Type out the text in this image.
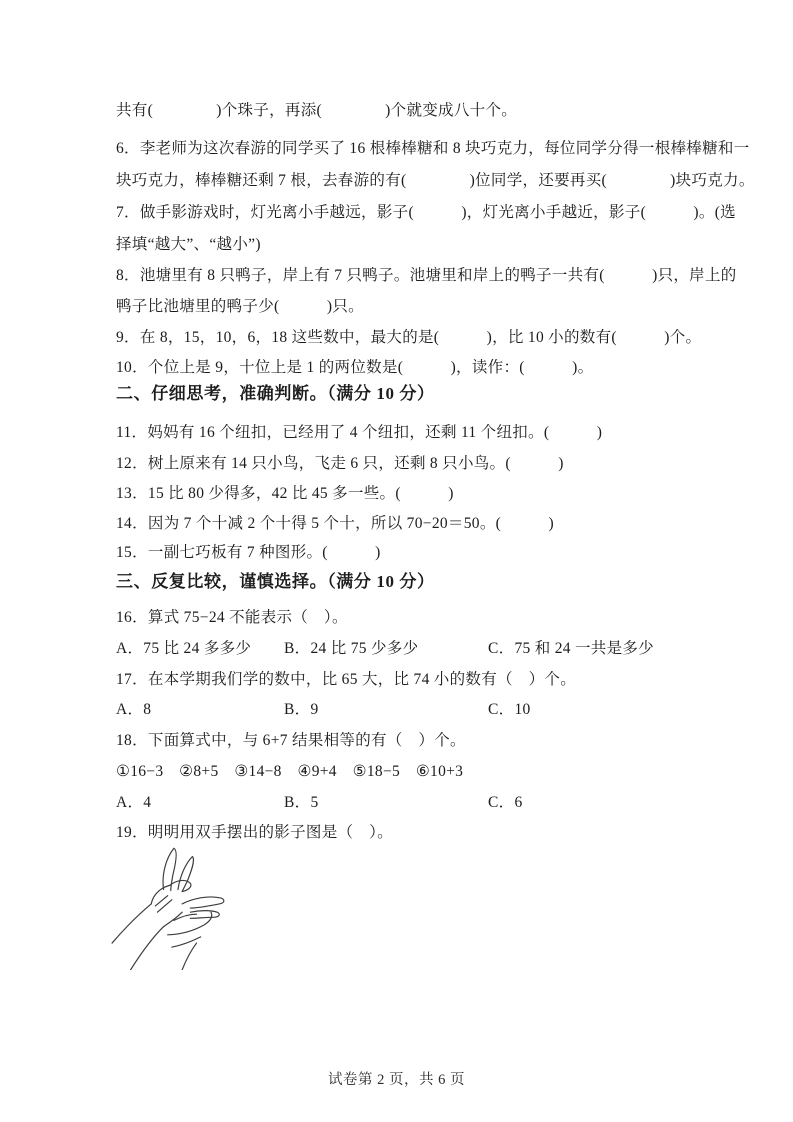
共有(　　　　)个珠子，再添(　　　　)个就变成八十个。

6．李老师为这次春游的同学买了 16 根棒棒糖和 8 块巧克力，每位同学分得一根棒棒糖和一

块巧克力，棒棒糖还剩 7 根，去春游的有(　　　　)位同学，还要再买(　　　　)块巧克力。

7．做手影游戏时，灯光离小手越远，影子(　　　)，灯光离小手越近，影子(　　　)。(选

择填“越大”、“越小”)

8．池塘里有 8 只鸭子，岸上有 7 只鸭子。池塘里和岸上的鸭子一共有(　　　)只，岸上的

鸭子比池塘里的鸭子少(　　　)只。

9．在 8，15，10，6，18 这些数中，最大的是(　　　)，比 10 小的数有(　　　)个。

10．个位上是 9，十位上是 1 的两位数是(　　　)，读作：(　　　)。

二、仔细思考，准确判断。（满分 10 分）

11．妈妈有 16 个纽扣，已经用了 4 个纽扣，还剩 11 个纽扣。(　　　)

12．树上原来有 14 只小鸟，飞走 6 只，还剩 8 只小鸟。(　　　)

13．15 比 80 少得多，42 比 45 多一些。(　　　)

14．因为 7 个十减 2 个十得 5 个十，所以 70−20＝50。(　　　)

15．一副七巧板有 7 种图形。(　　　)

三、反复比较，谨慎选择。（满分 10 分）

16．算式 75−24 不能表示（　）。

A．75 比 24 多多少 B．24 比 75 少多少	C．75 和 24 一共是多少

17．在本学期我们学的数中，比 65 大，比 74 小的数有（　）个。

A．8	B．9	C．10

18．下面算式中，与 6+7 结果相等的有（　）个。

①16−3　②8+5　③14−8　④9+4　⑤18−5　⑥10+3

A．4	B．5	C．6

19．明明用双手摆出的影子图是（　）。

试卷第 2 页，共 6 页
